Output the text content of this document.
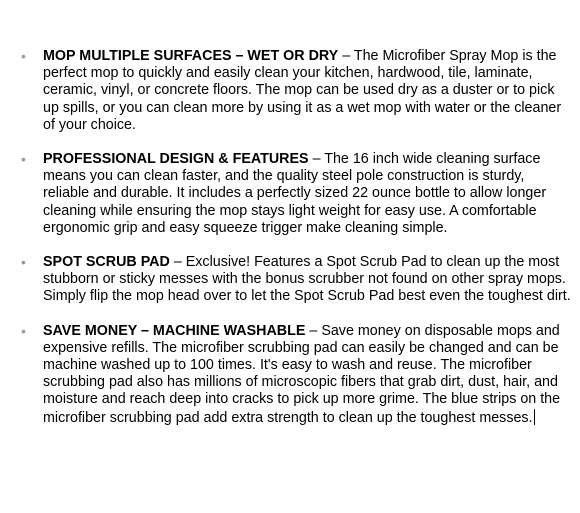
• MOP MULTIPLE SURFACES – WET OR DRY – The Microfiber Spray Mop is the perfect mop to quickly and easily clean your kitchen, hardwood, tile, laminate, ceramic, vinyl, or concrete floors. The mop can be used dry as a duster or to pick up spills, or you can clean more by using it as a wet mop with water or the cleaner of your choice.
• PROFESSIONAL DESIGN & FEATURES – The 16 inch wide cleaning surface means you can clean faster, and the quality steel pole construction is sturdy, reliable and durable. It includes a perfectly sized 22 ounce bottle to allow longer cleaning while ensuring the mop stays light weight for easy use. A comfortable ergonomic grip and easy squeeze trigger make cleaning simple.
• SPOT SCRUB PAD – Exclusive! Features a Spot Scrub Pad to clean up the most stubborn or sticky messes with the bonus scrubber not found on other spray mops. Simply flip the mop head over to let the Spot Scrub Pad best even the toughest dirt.
• SAVE MONEY – MACHINE WASHABLE – Save money on disposable mops and expensive refills. The microfiber scrubbing pad can easily be changed and can be machine washed up to 100 times. It's easy to wash and reuse. The microfiber scrubbing pad also has millions of microscopic fibers that grab dirt, dust, hair, and moisture and reach deep into cracks to pick up more grime. The blue strips on the microfiber scrubbing pad add extra strength to clean up the toughest messes.
